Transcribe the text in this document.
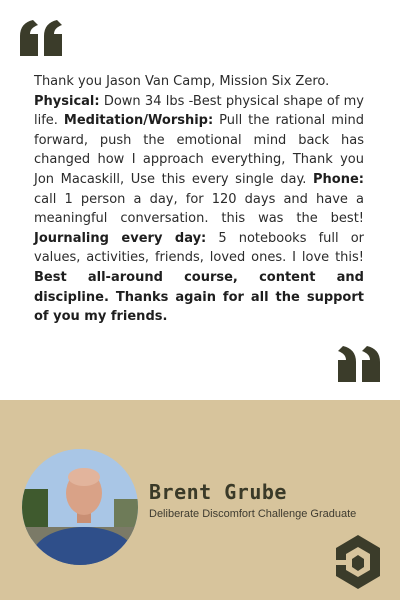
Thank you Jason Van Camp, Mission Six Zero.
Physical: Down 34 lbs -Best physical shape of my life. Meditation/Worship: Pull the rational mind forward, push the emotional mind back has changed how I approach everything, Thank you Jon Macaskill, Use this every single day. Phone: call 1 person a day, for 120 days and have a meaningful conversation. this was the best! Journaling every day: 5 notebooks full or values, activities, friends, loved ones. I love this! Best all-around course, content and discipline. Thanks again for all the support of you my friends.
Brent Grube
Deliberate Discomfort Challenge Graduate
